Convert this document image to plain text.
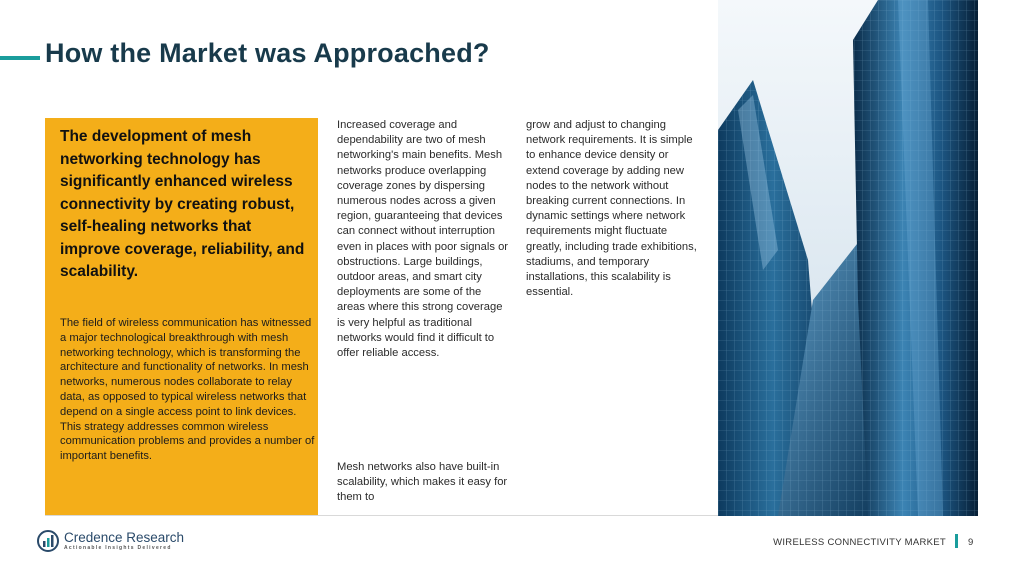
How the Market was Approached?

The development of mesh networking technology has significantly enhanced wireless connectivity by creating robust, self-healing networks that improve coverage, reliability, and scalability.

The field of wireless communication has witnessed a major technological breakthrough with mesh networking technology, which is transforming the architecture and functionality of networks. In mesh networks, numerous nodes collaborate to relay data, as opposed to typical wireless networks that depend on a single access point to link devices. This strategy addresses common wireless communication problems and provides a number of important benefits.

Increased coverage and dependability are two of mesh networking's main benefits. Mesh networks produce overlapping coverage zones by dispersing numerous nodes across a given region, guaranteeing that devices can connect without interruption even in places with poor signals or obstructions. Large buildings, outdoor areas, and smart city deployments are some of the areas where this strong coverage is very helpful as traditional networks would find it difficult to offer reliable access.

Mesh networks also have built-in scalability, which makes it easy for them to

grow and adjust to changing network requirements. It is simple to enhance device density or extend coverage by adding new nodes to the network without breaking current connections. In dynamic settings where network requirements might fluctuate greatly, including trade exhibitions, stadiums, and temporary installations, this scalability is essential.

Credence Research
Actionable Insights Delivered	WIRELESS CONNECTIVITY MARKET 9
